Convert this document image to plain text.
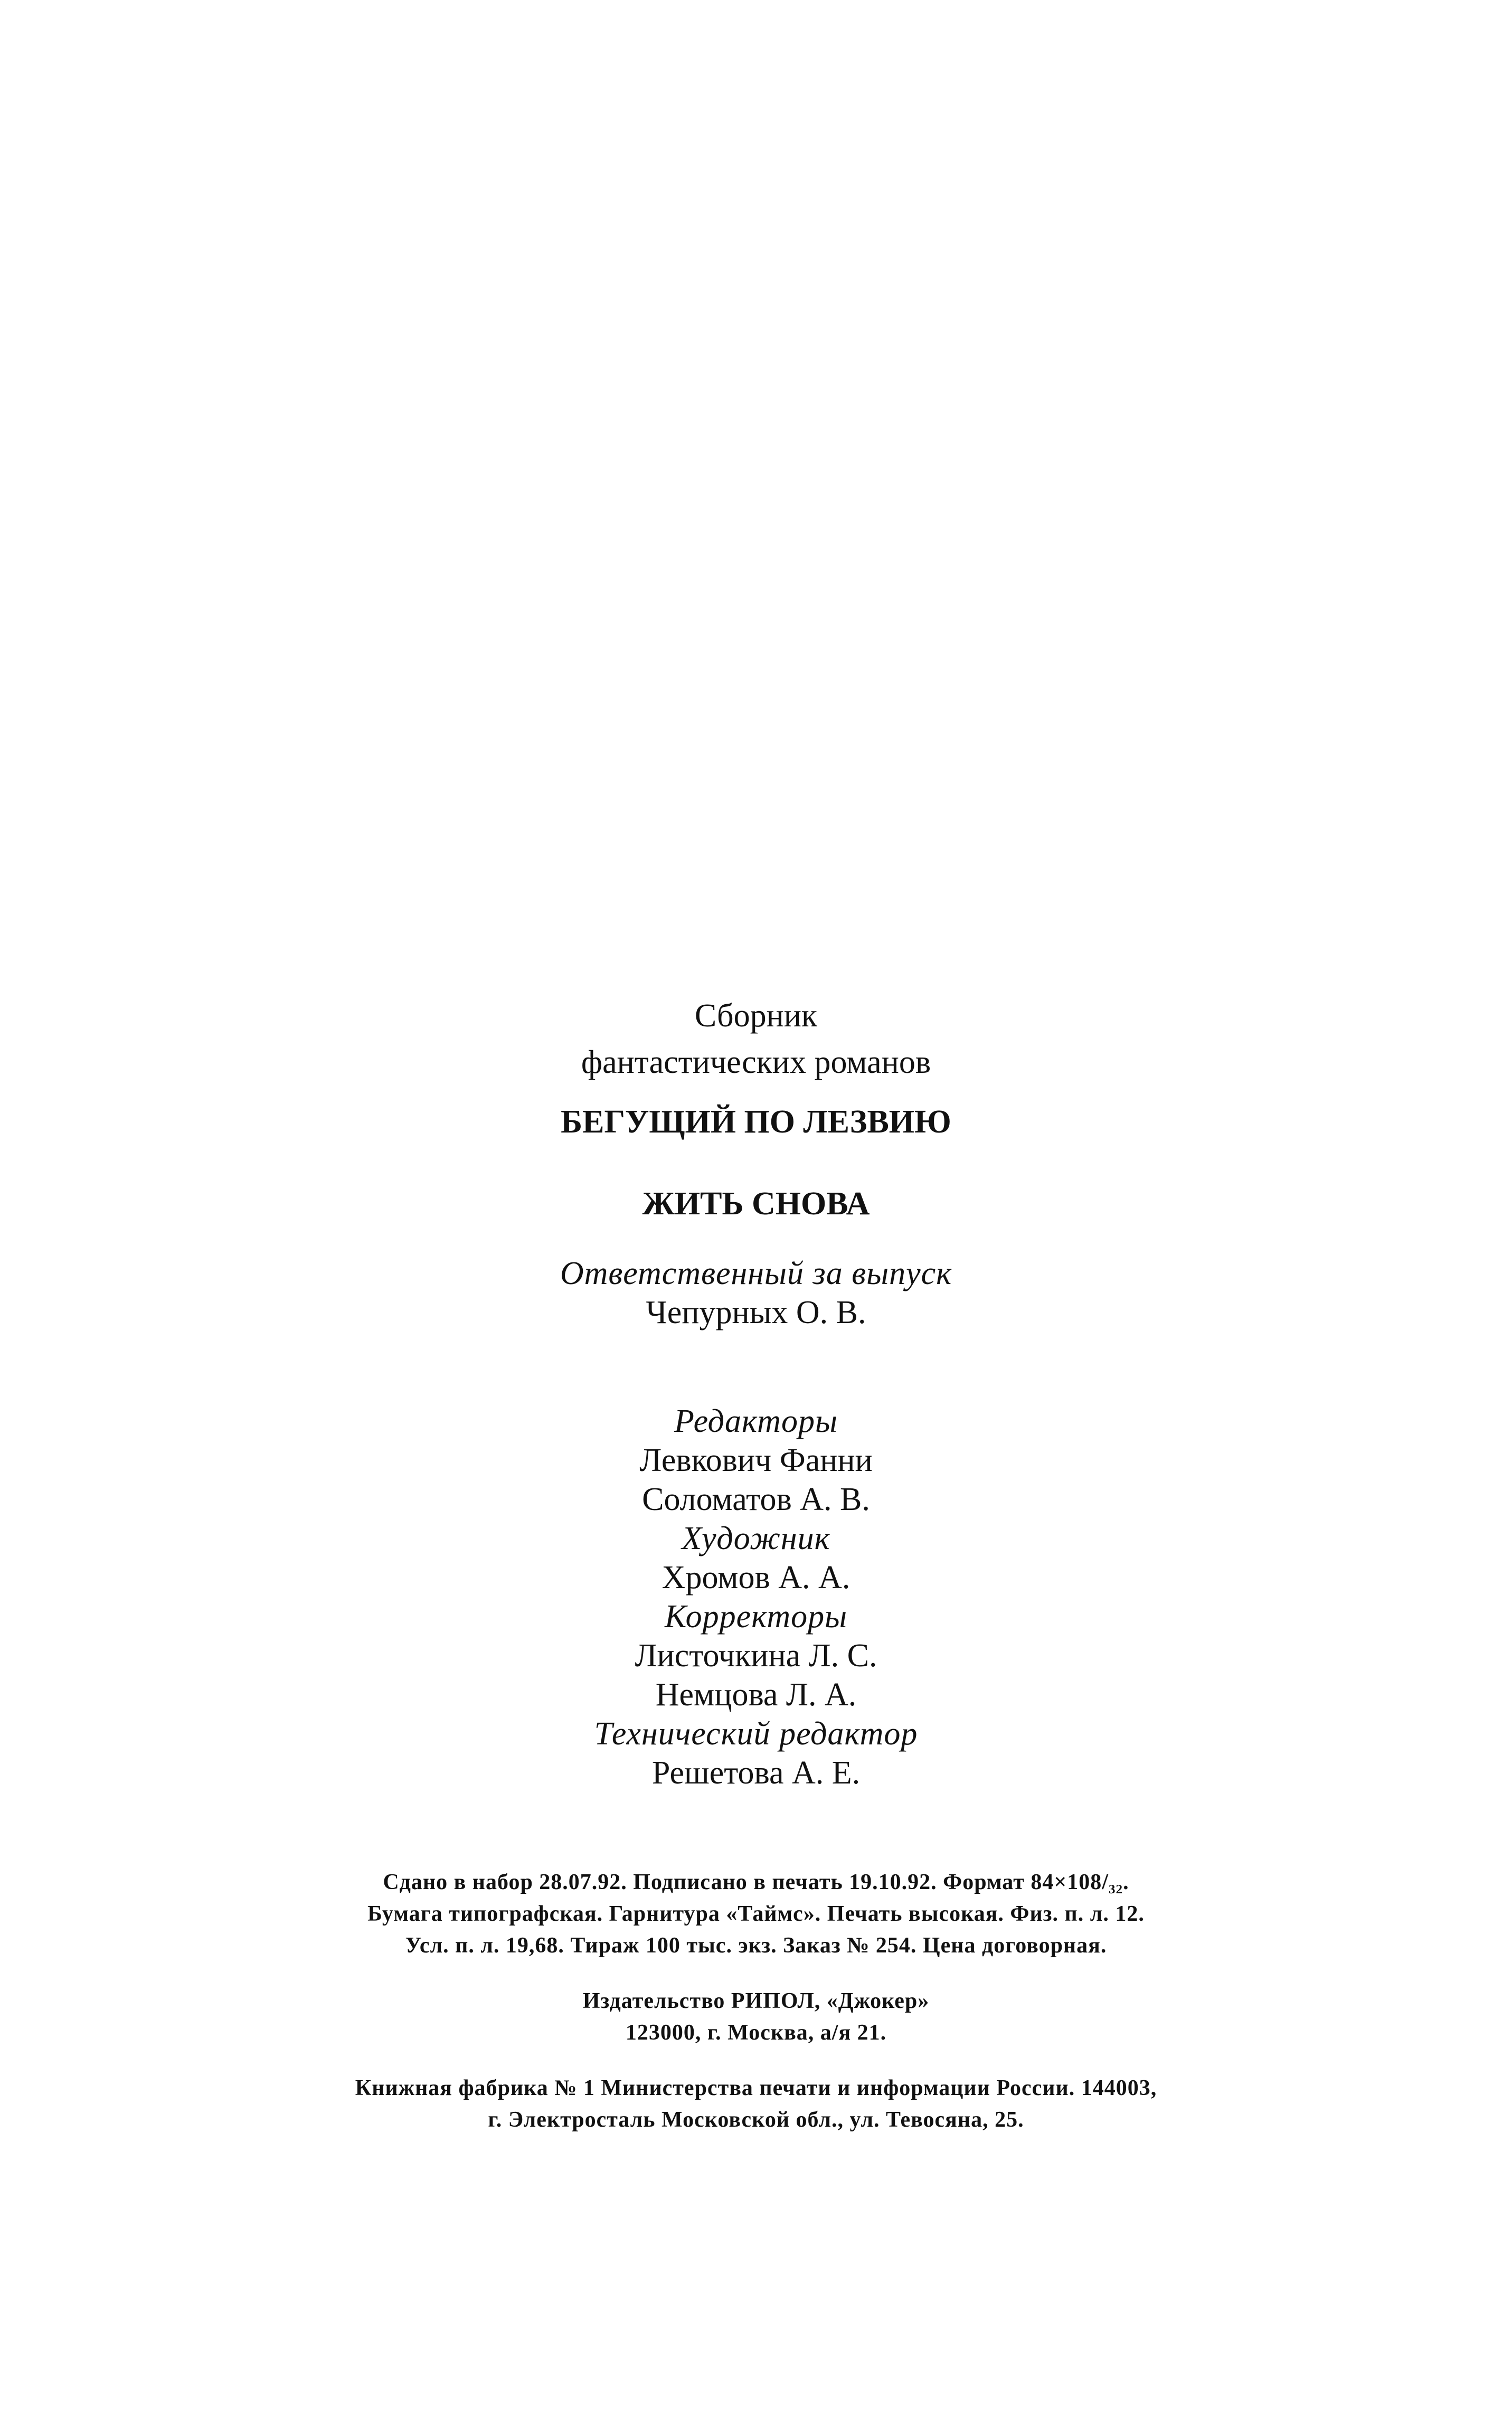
Сборник
фантастических романов
БЕГУЩИЙ ПО ЛЕЗВИЮ
ЖИТЬ СНОВА
Ответственный за выпуск
Чепурных О. В.
Редакторы
Левкович Фанни
Соломатов А. В.
Художник
Хромов А. А.
Корректоры
Листочкина Л. С.
Немцова Л. А.
Технический редактор
Решетова А. Е.
Сдано в набор 28.07.92. Подписано в печать 19.10.92. Формат 84×108/₃₂.
Бумага типографская. Гарнитура «Таймс». Печать высокая. Физ. п. л. 12.
Усл. п. л. 19,68. Тираж 100 тыс. экз. Заказ № 254. Цена договорная.
Издательство РИПОЛ, «Джокер»
123000, г. Москва, а/я 21.
Книжная фабрика № 1 Министерства печати и информации России. 144003,
г. Электросталь Московской обл., ул. Тевосяна, 25.
